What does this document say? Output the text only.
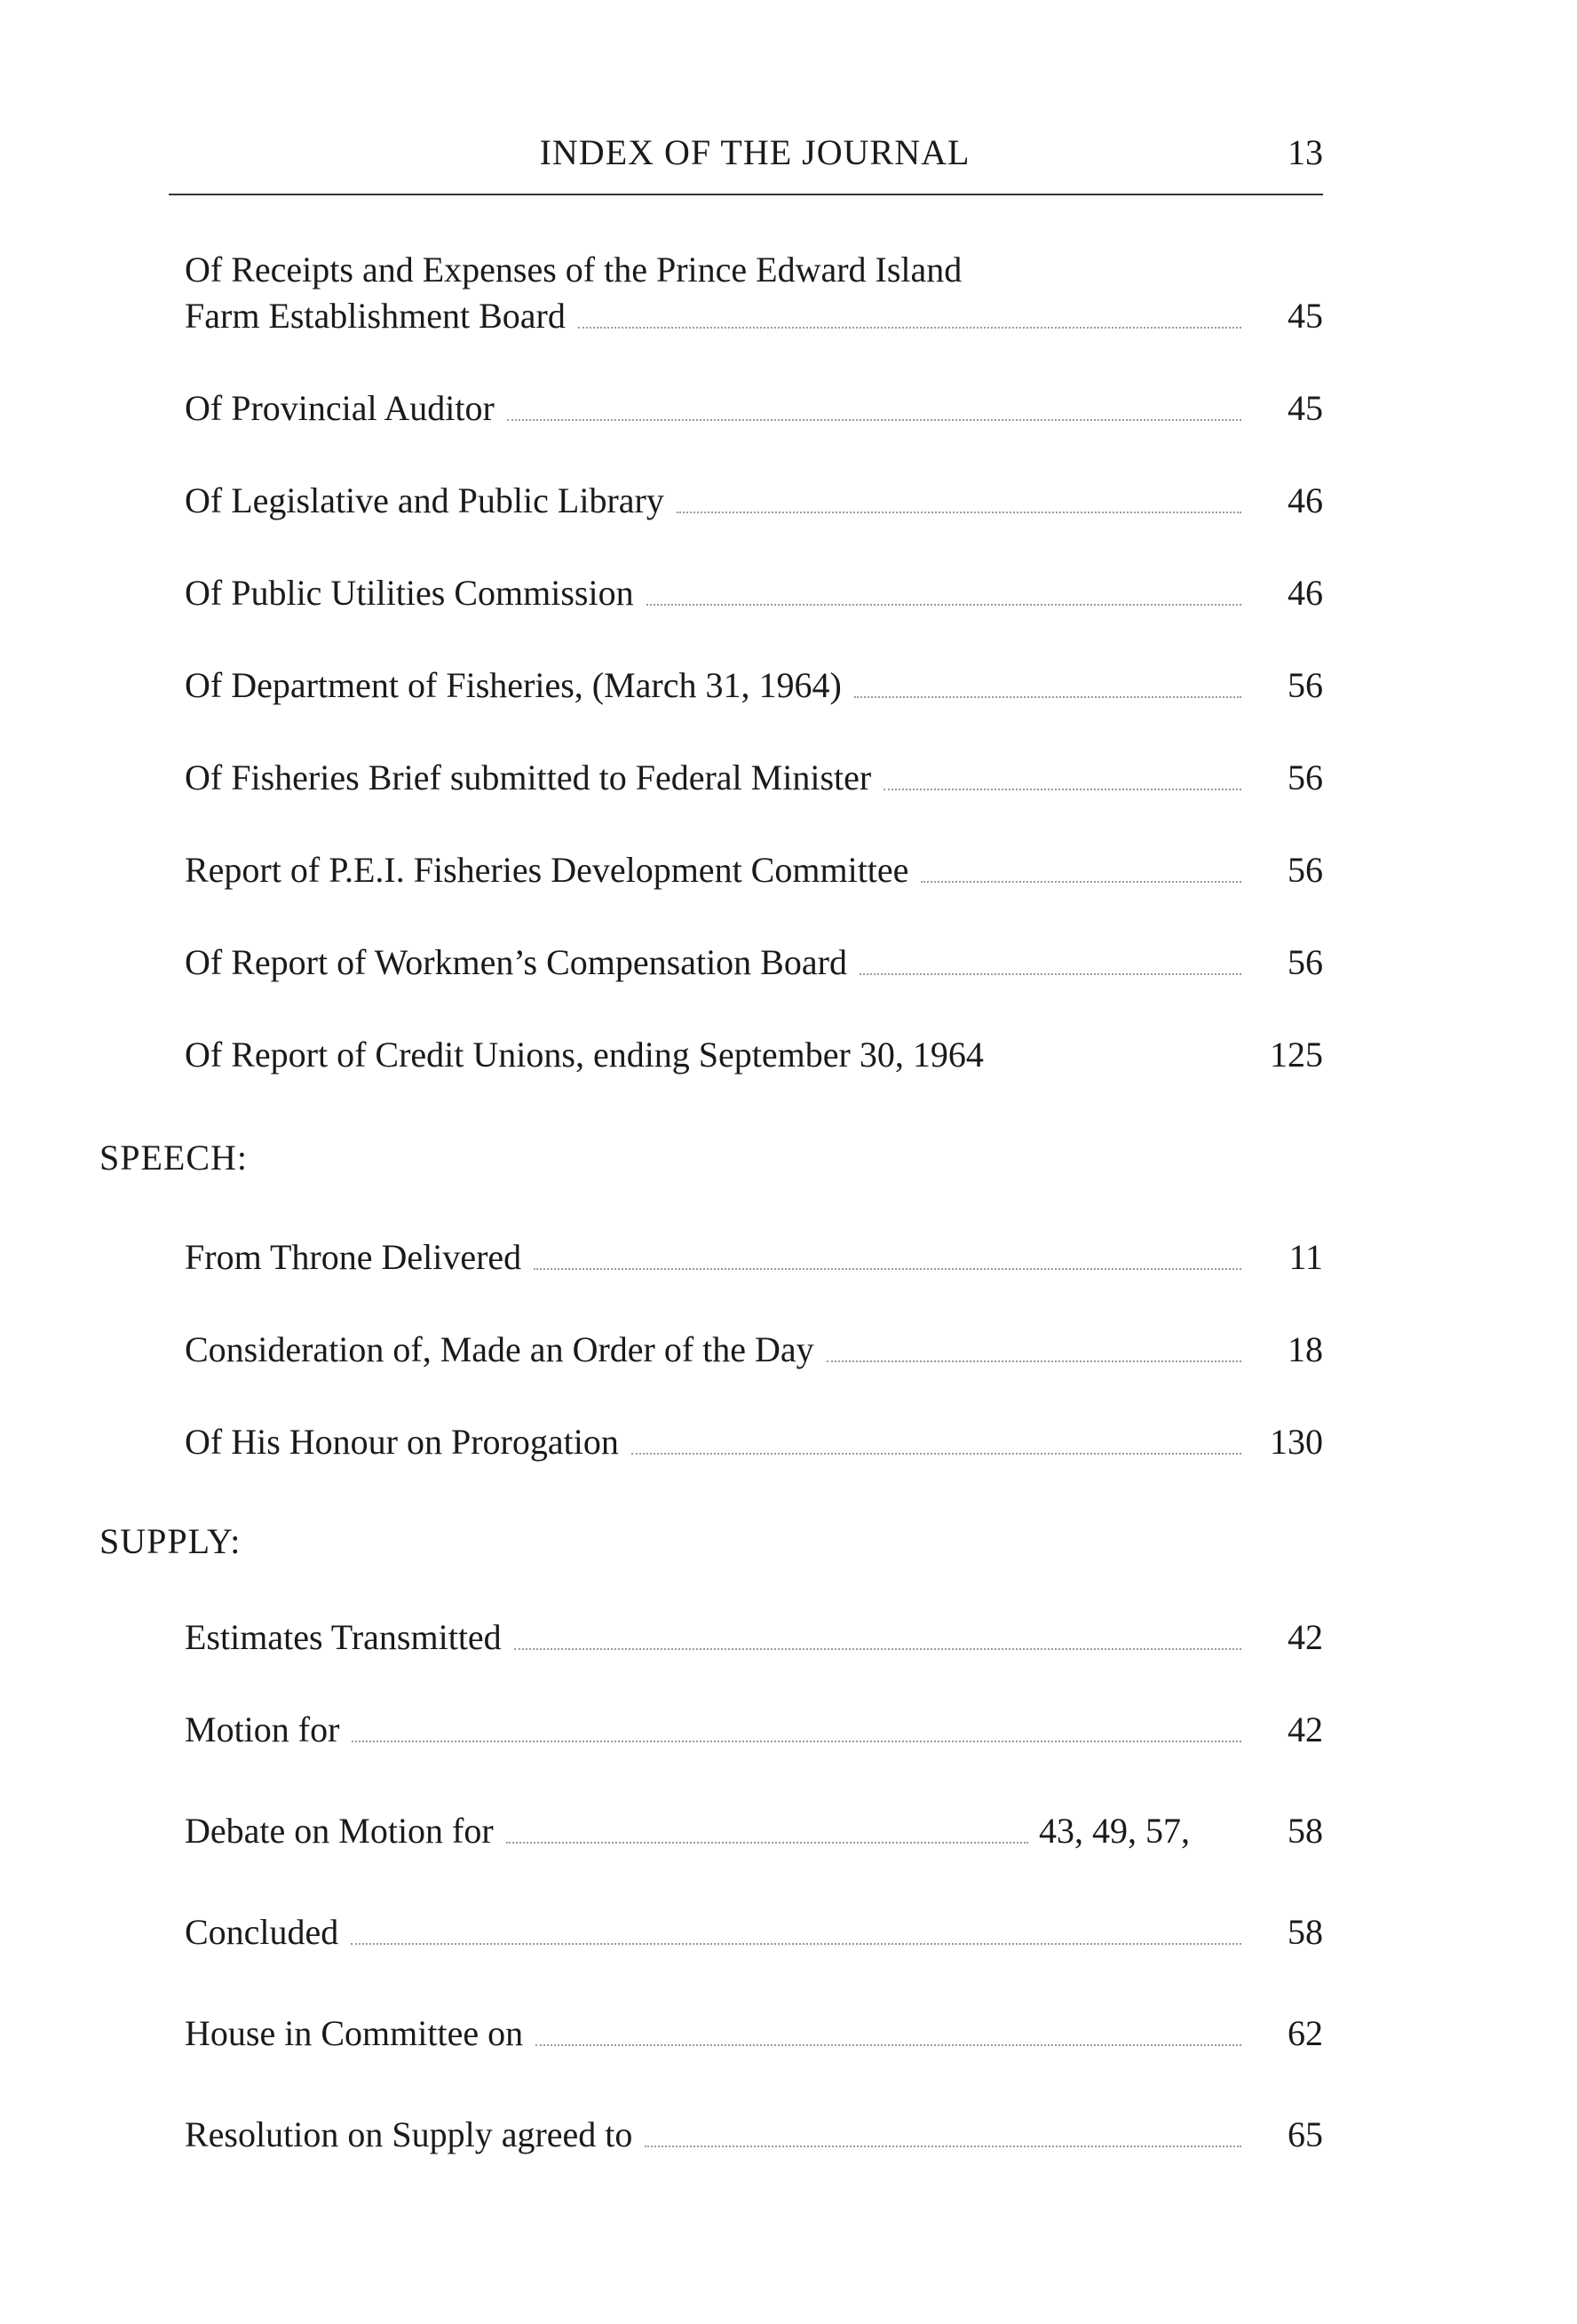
INDEX OF THE JOURNAL	13
Of Receipts and Expenses of the Prince Edward Island
Farm Establishment Board	45
Of Provincial Auditor	45
Of Legislative and Public Library	46
Of Public Utilities Commission	46
Of Department of Fisheries, (March 31, 1964)	56
Of Fisheries Brief submitted to Federal Minister	56
Report of P.E.I. Fisheries Development Committee	56
Of Report of Workmen’s Compensation Board	56
Of Report of Credit Unions, ending September 30, 1964	125
SPEECH:
From Throne Delivered	11
Consideration of, Made an Order of the Day	18
Of His Honour on Prorogation	130
SUPPLY:
Estimates Transmitted	42
Motion for	42
Debate on Motion for	43, 49, 57,	58
Concluded	58
House in Committee on	62
Resolution on Supply agreed to	65
